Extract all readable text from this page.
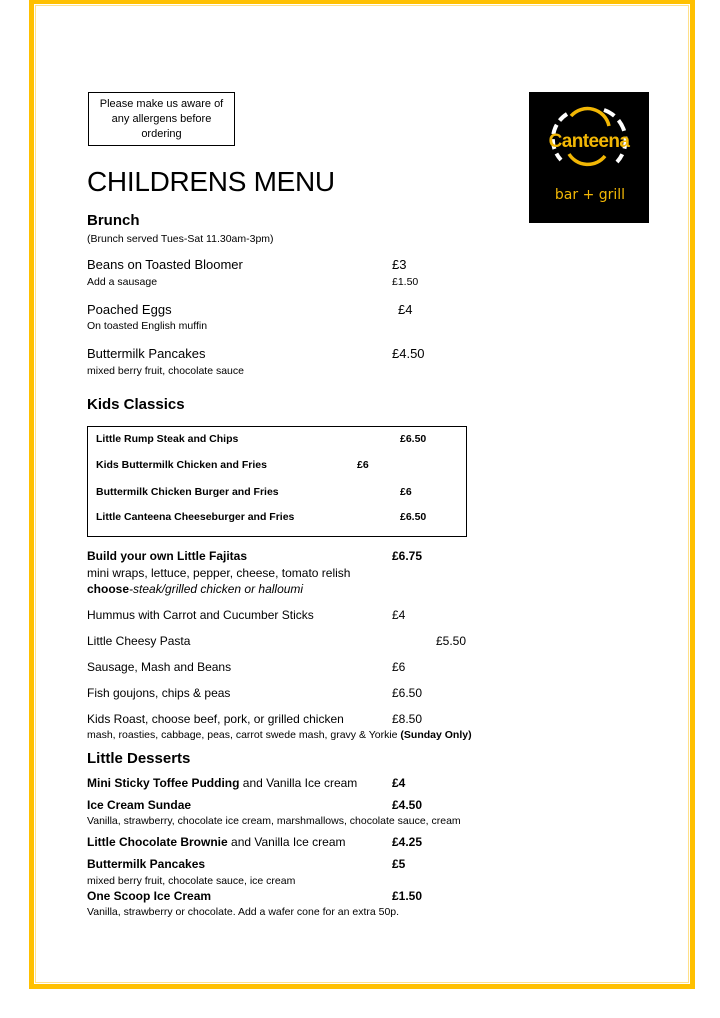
Please make us aware of
any allergens before
ordering	Canteena
bar + grill
CHILDRENS MENU
Brunch
(Brunch served Tues-Sat 11.30am-3pm)
Beans on Toasted Bloomer	£3
Add a sausage	£1.50
Poached Eggs	£4
On toasted English muffin
Buttermilk Pancakes	£4.50
mixed berry fruit, chocolate sauce
Kids Classics
Little Rump Steak and Chips	£6.50
Kids Buttermilk Chicken and Fries	£6
Buttermilk Chicken Burger and Fries	£6
Little Canteena Cheeseburger and Fries	£6.50
Build your own Little Fajitas	£6.75
mini wraps, lettuce, pepper, cheese, tomato relish
choose-steak/grilled chicken or halloumi
Hummus with Carrot and Cucumber Sticks	£4
Little Cheesy Pasta	£5.50
Sausage, Mash and Beans	£6
Fish goujons, chips & peas	£6.50
Kids Roast, choose beef, pork, or grilled chicken	£8.50
mash, roasties, cabbage, peas, carrot swede mash, gravy & Yorkie (Sunday Only)
Little Desserts
Mini Sticky Toffee Pudding and Vanilla Ice cream	£4
Ice Cream Sundae	£4.50
Vanilla, strawberry, chocolate ice cream, marshmallows, chocolate sauce, cream
Little Chocolate Brownie and Vanilla Ice cream	£4.25
Buttermilk Pancakes	£5
mixed berry fruit, chocolate sauce, ice cream
One Scoop Ice Cream	£1.50
Vanilla, strawberry or chocolate. Add a wafer cone for an extra 50p.
